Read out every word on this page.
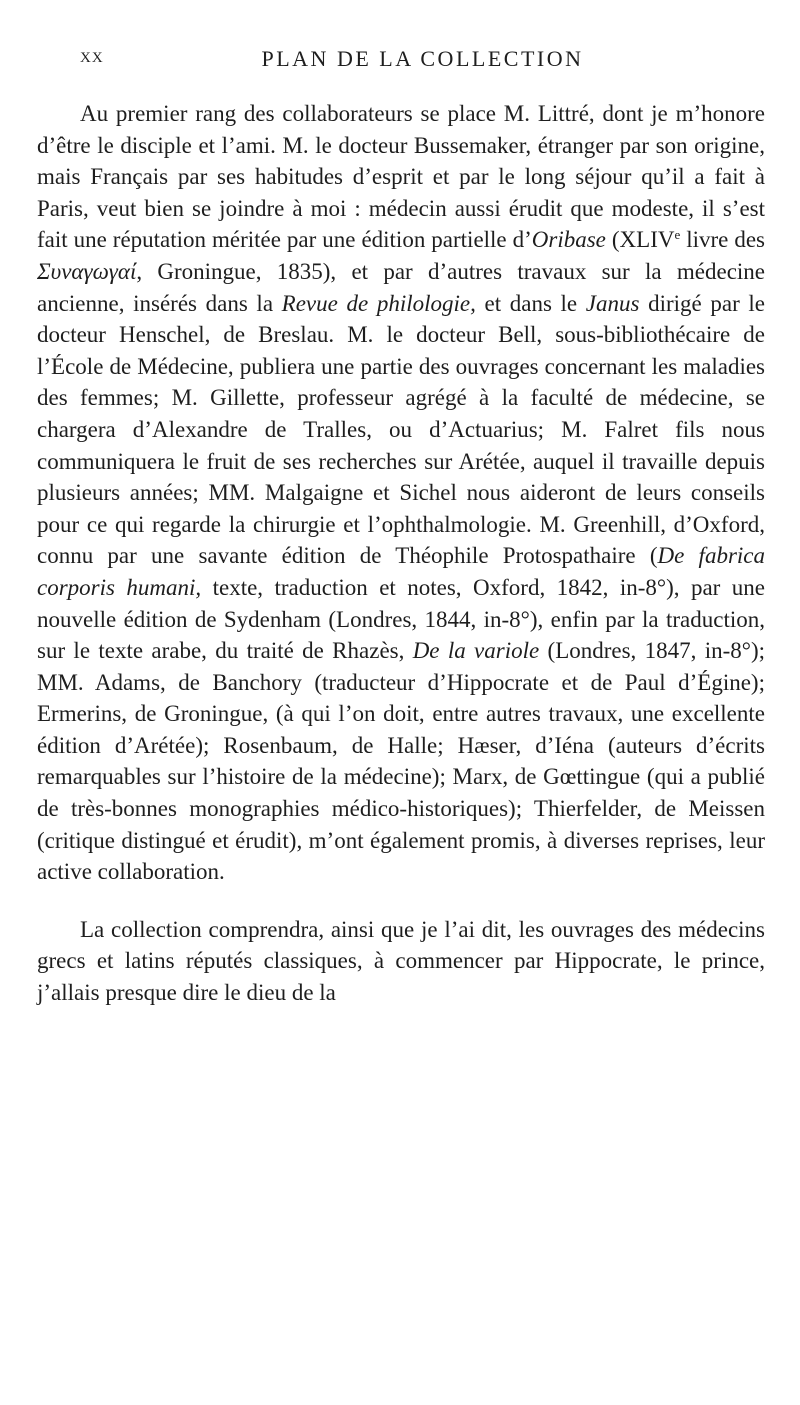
XX	PLAN DE LA COLLECTION

Au premier rang des collaborateurs se place M. Littré, dont je m’honore d’être le disciple et l’ami. M. le docteur Bussemaker, étranger par son origine, mais Français par ses habitudes d’esprit et par le long séjour qu’il a fait à Paris, veut bien se joindre à moi : médecin aussi érudit que modeste, il s’est fait une réputation méritée par une édition partielle d’Oribase (XLIVe livre des Συναγωγαί, Groningue, 1835), et par d’autres travaux sur la médecine ancienne, insérés dans la Revue de philologie, et dans le Janus dirigé par le docteur Henschel, de Breslau. M. le docteur Bell, sous-bibliothécaire de l’École de Médecine, publiera une partie des ouvrages concernant les maladies des femmes; M. Gillette, professeur agrégé à la faculté de médecine, se chargera d’Alexandre de Tralles, ou d’Actuarius; M. Falret fils nous communiquera le fruit de ses recherches sur Arétée, auquel il travaille depuis plusieurs années; MM. Malgaigne et Sichel nous aideront de leurs conseils pour ce qui regarde la chirurgie et l’ophthalmologie. M. Greenhill, d’Oxford, connu par une savante édition de Théophile Protospathaire (De fabrica corporis humani, texte, traduction et notes, Oxford, 1842, in-8°), par une nouvelle édition de Sydenham (Londres, 1844, in-8°), enfin par la traduction, sur le texte arabe, du traité de Rhazès, De la variole (Londres, 1847, in-8°); MM. Adams, de Banchory (traducteur d’Hippocrate et de Paul d’Égine); Ermerins, de Groningue, (à qui l’on doit, entre autres travaux, une excellente édition d’Arétée); Rosenbaum, de Halle; Hæser, d’Iéna (auteurs d’écrits remarquables sur l’histoire de la médecine); Marx, de Gœttingue (qui a publié de très-bonnes monographies médico-historiques); Thierfelder, de Meissen (critique distingué et érudit), m’ont également promis, à diverses reprises, leur active collaboration.

La collection comprendra, ainsi que je l’ai dit, les ouvrages des médecins grecs et latins réputés classiques, à commencer par Hippocrate, le prince, j’allais presque dire le dieu de la
